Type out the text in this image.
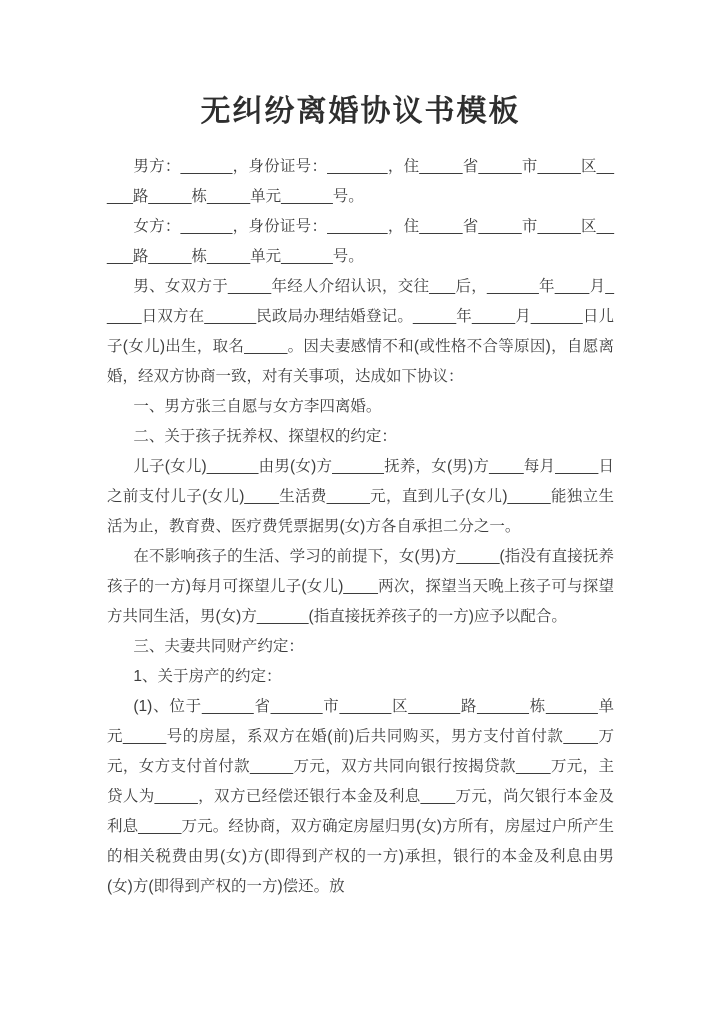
无纠纷离婚协议书模板

男方：______，身份证号：_______，住_____省_____市_____区_____路_____栋_____单元______号。

女方：______，身份证号：_______，住_____省_____市_____区_____路_____栋_____单元______号。

男、女双方于_____年经人介绍认识，交往___后，______年____月_____日双方在______民政局办理结婚登记。_____年_____月______日儿子(女儿)出生，取名_____。因夫妻感情不和(或性格不合等原因)，自愿离婚，经双方协商一致，对有关事项，达成如下协议：

一、男方张三自愿与女方李四离婚。

二、关于孩子抚养权、探望权的约定：

儿子(女儿)______由男(女)方______抚养，女(男)方____每月_____日之前支付儿子(女儿)____生活费_____元，直到儿子(女儿)_____能独立生活为止，教育费、医疗费凭票据男(女)方各自承担二分之一。

在不影响孩子的生活、学习的前提下，女(男)方_____(指没有直接抚养孩子的一方)每月可探望儿子(女儿)____两次，探望当天晚上孩子可与探望方共同生活，男(女)方______(指直接抚养孩子的一方)应予以配合。

三、夫妻共同财产约定：

1、关于房产的约定：

(1)、位于______省______市______区______路______栋______单元_____号的房屋，系双方在婚(前)后共同购买，男方支付首付款____万元，女方支付首付款_____万元，双方共同向银行按揭贷款____万元，主贷人为_____，双方已经偿还银行本金及利息____万元，尚欠银行本金及利息_____万元。经协商，双方确定房屋归男(女)方所有，房屋过户所产生的相关税费由男(女)方(即得到产权的一方)承担，银行的本金及利息由男(女)方(即得到产权的一方)偿还。放
